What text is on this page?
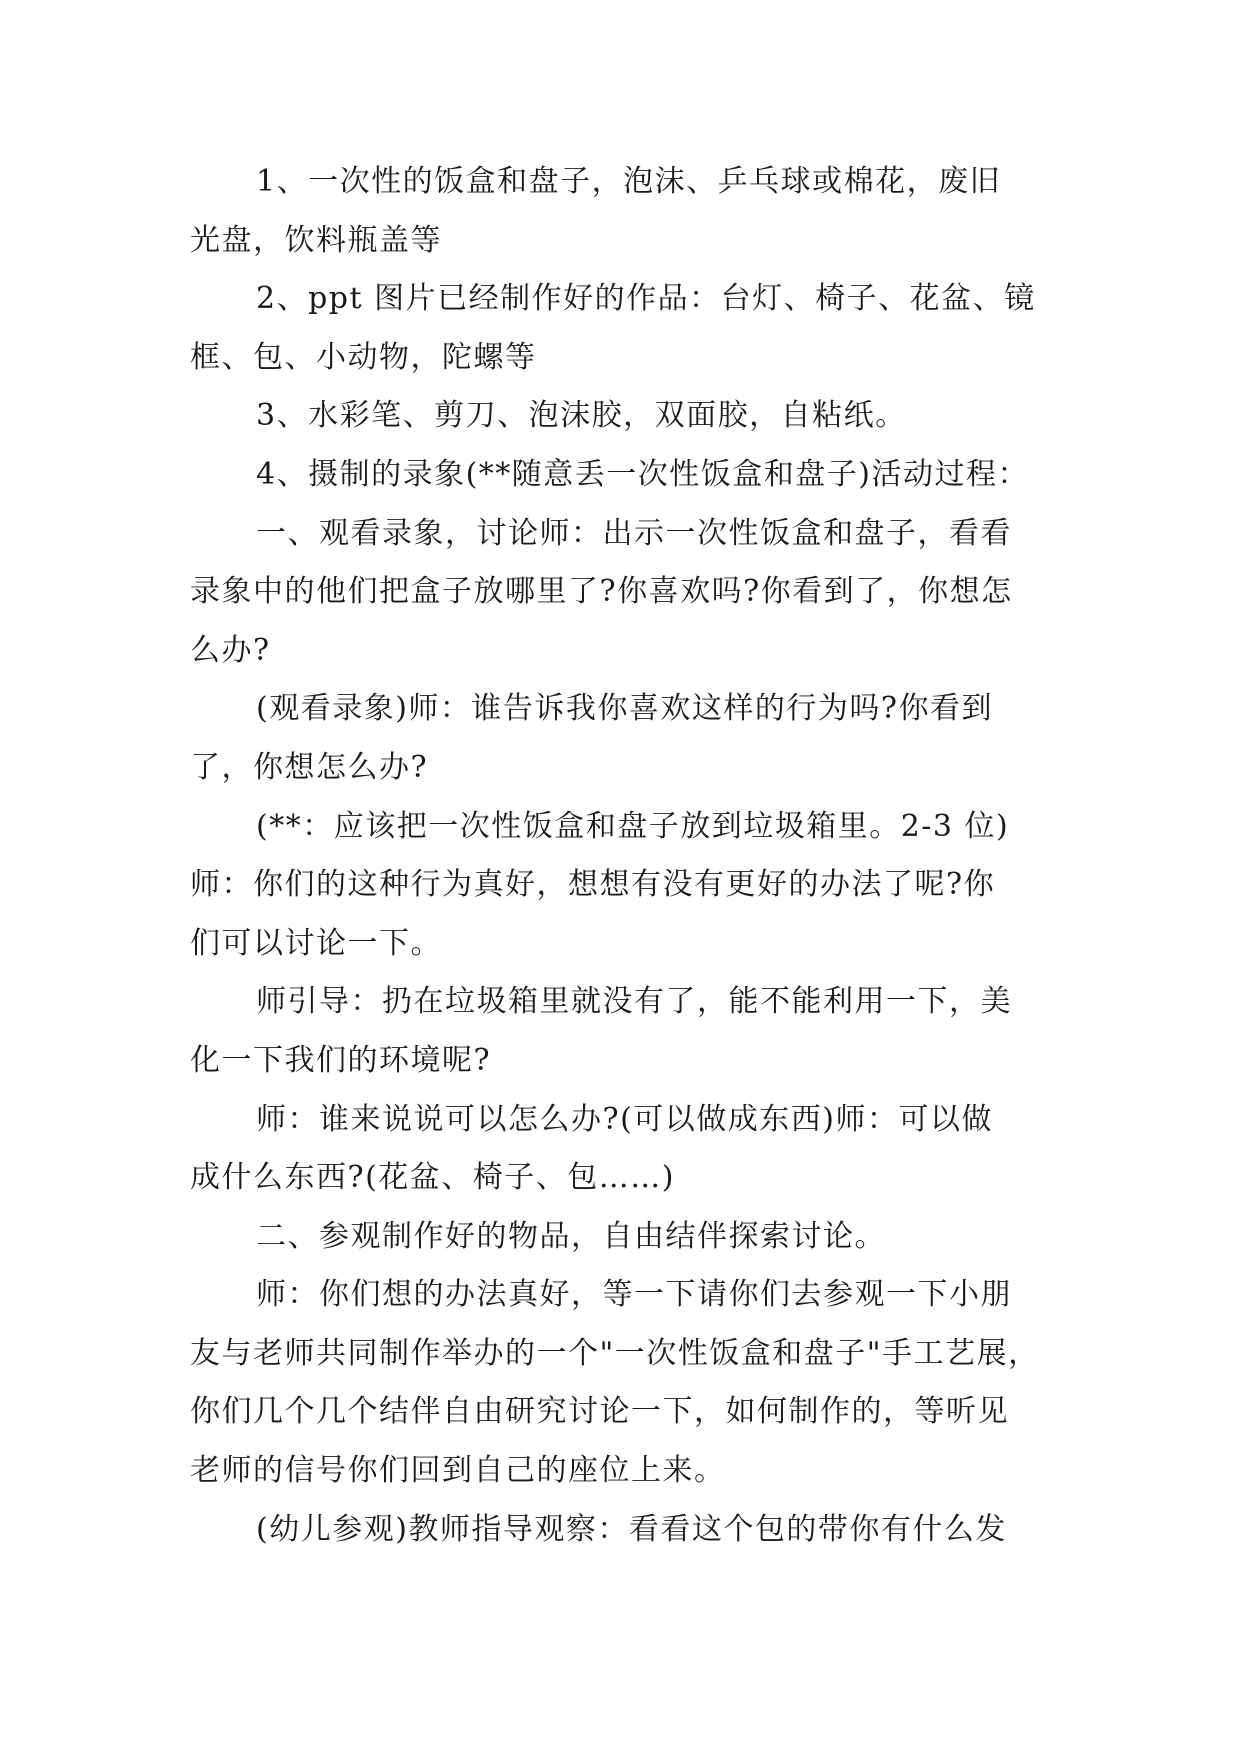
1、一次性的饭盒和盘子，泡沫、乒乓球或棉花，废旧
光盘，饮料瓶盖等
2、ppt 图片已经制作好的作品：台灯、椅子、花盆、镜
框、包、小动物，陀螺等
3、水彩笔、剪刀、泡沫胶，双面胶，自粘纸。
4、摄制的录象(**随意丢一次性饭盒和盘子)活动过程：
一、观看录象，讨论师：出示一次性饭盒和盘子，看看
录象中的他们把盒子放哪里了?你喜欢吗?你看到了，你想怎
么办?
(观看录象)师：谁告诉我你喜欢这样的行为吗?你看到
了，你想怎么办?
(**：应该把一次性饭盒和盘子放到垃圾箱里。2-3 位)
师：你们的这种行为真好，想想有没有更好的办法了呢?你
们可以讨论一下。
师引导：扔在垃圾箱里就没有了，能不能利用一下，美
化一下我们的环境呢?
师：谁来说说可以怎么办?(可以做成东西)师：可以做
成什么东西?(花盆、椅子、包……)
二、参观制作好的物品，自由结伴探索讨论。
师：你们想的办法真好，等一下请你们去参观一下小朋
友与老师共同制作举办的一个"一次性饭盒和盘子"手工艺展，
你们几个几个结伴自由研究讨论一下，如何制作的，等听见
老师的信号你们回到自己的座位上来。
(幼儿参观)教师指导观察：看看这个包的带你有什么发
